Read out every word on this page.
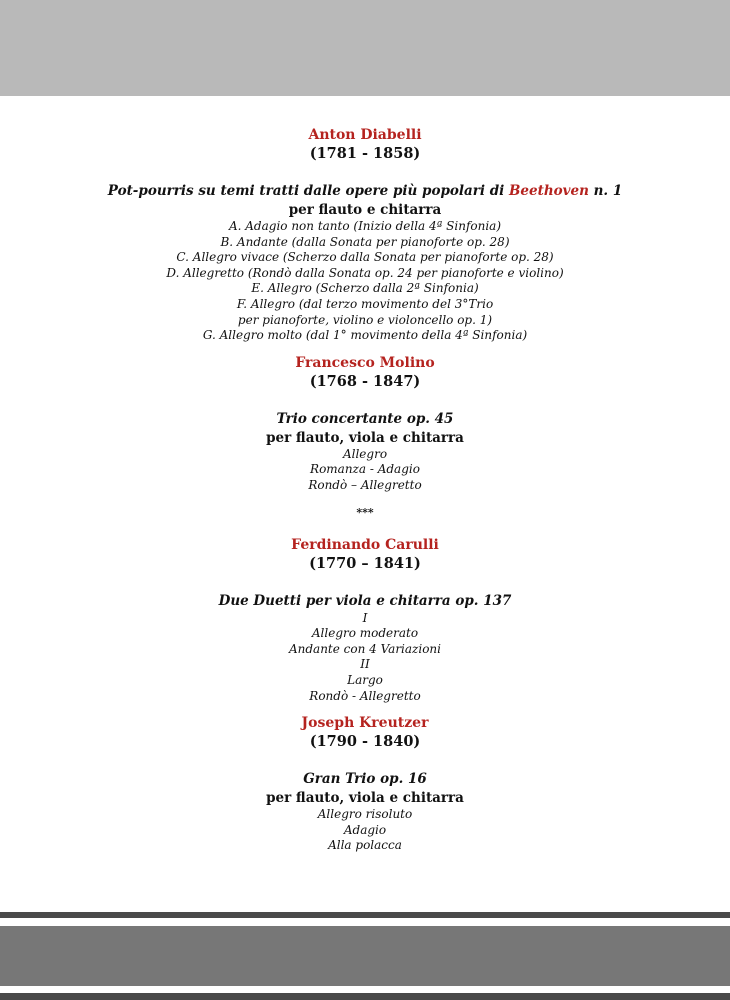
Anton Diabelli
(1781 - 1858)
Pot-pourris su temi tratti dalle opere più popolari di Beethoven n. 1
per flauto e chitarra
A. Adagio non tanto (Inizio della 4ª Sinfonia)
B. Andante (dalla Sonata per pianoforte op. 28)
C. Allegro vivace (Scherzo dalla Sonata per pianoforte op. 28)
D. Allegretto (Rondò dalla Sonata op. 24 per pianoforte e violino)
E. Allegro (Scherzo dalla 2ª Sinfonia)
F. Allegro (dal terzo movimento del 3°Trio
per pianoforte, violino e violoncello op. 1)
G. Allegro molto (dal 1° movimento della 4ª Sinfonia)
Francesco Molino
(1768 - 1847)
Trio concertante op. 45
per flauto, viola e chitarra
Allegro
Romanza - Adagio
Rondò – Allegretto
***
Ferdinando Carulli
(1770 – 1841)
Due Duetti per viola e chitarra op. 137
I
Allegro moderato
Andante con 4 Variazioni
II
Largo
Rondò - Allegretto
Joseph Kreutzer
(1790 - 1840)
Gran Trio op. 16
per flauto, viola e chitarra
Allegro risoluto
Adagio
Alla polacca
